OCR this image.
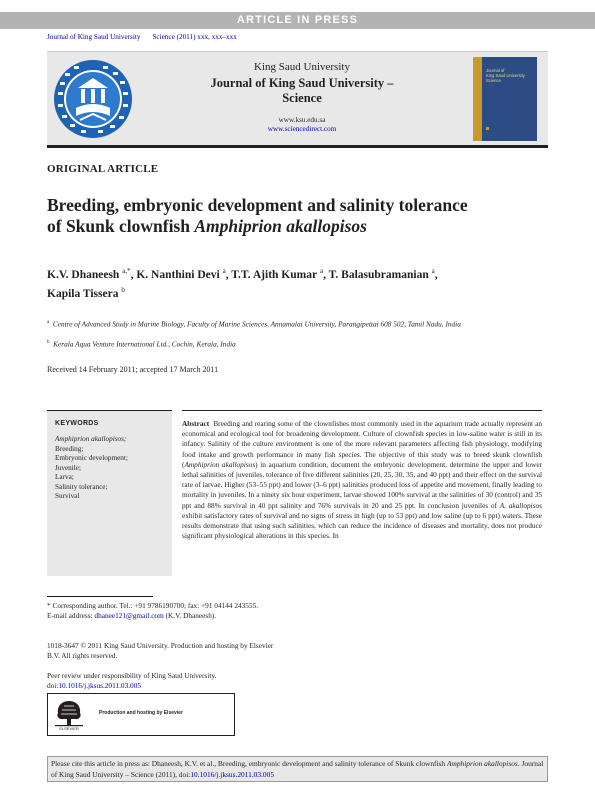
ARTICLE IN PRESS
Journal of King Saud University Science (2011) xxx, xxx–xxx
King Saud University
Journal of King Saud University –
Science
www.ksu.edu.sa
www.sciencedirect.com
Journal of
King Saud University
Science
ORIGINAL ARTICLE
Breeding, embryonic development and salinity tolerance
of Skunk clownfish Amphiprion akallopisos
K.V. Dhaneesh $^{a,*}$, K. Nanthini Devi $^a$, T.T. Ajith Kumar $^a$, T. Balasubramanian $^a$,
Kapila Tissera $^b$
$^a$ Centre of Advanced Study in Marine Biology, Faculty of Marine Sciences, Annamalai University, Parangipettai 608 502, Tamil Nadu, India
$^b$ Kerala Aqua Venture International Ltd., Cochin, Kerala, India
Received 14 February 2011; accepted 17 March 2011
KEYWORDS
Amphiprion akallopisos;
Breeding;
Embryonic development;
Juvenile;
Larva;
Salinity tolerance;
Survival

Abstract Breeding and rearing some of the clownfishes most commonly used in the aquarium trade actually represent an economical and ecological tool for broadening development. Culture of clownfish species in low-saline water is still in its infancy. Salinity of the culture environment is one of the more relevant parameters affecting fish physiology, modifying food intake and growth performance in many fish species. The objective of this study was to breed skunk clownfish (Amphiprion akallopisos) in aquarium condition, document the embryonic development, determine the upper and lower lethal salinities of juveniles, tolerance of five different salinities (20, 25, 30, 35, and 40 ppt) and their effect on the survival rate of larvae. Higher (53–55 ppt) and lower (3–6 ppt) salinities produced loss of appetite and movement, finally leading to mortality in juveniles. In a ninety six hour experiment, larvae showed 100% survival at the salinities of 30 (control) and 35 ppt and 88% survival in 40 ppt salinity and 76% survivals in 20 and 25 ppt. In conclusion juveniles of A. akallopisos exhibit satisfactory rates of survival and no signs of stress in high (up to 53 ppt) and low saline (up to 6 ppt) waters. These results demonstrate that using such salinities, which can reduce the incidence of diseases and mortality, does not produce significant physiological alterations in this species. In

* Corresponding author. Tel.: +91 9786190700; fax: +91 04144 243555.
E-mail address: dhanee121@gmail.com (K.V. Dhaneesh).
1018-3647 © 2011 King Saud University. Production and hosting by Elsevier B.V. All rights reserved.
Peer review under responsibility of King Saud University.
doi:10.1016/j.jksus.2011.03.005
ELSEVIER
Production and hosting by Elsevier
Please cite this article in press as: Dhaneesh, K.V. et al., Breeding, embryonic development and salinity tolerance of Skunk clownfish Amphiprion akallopisos. Journal of King Saud University – Science (2011), doi:10.1016/j.jksus.2011.03.005
